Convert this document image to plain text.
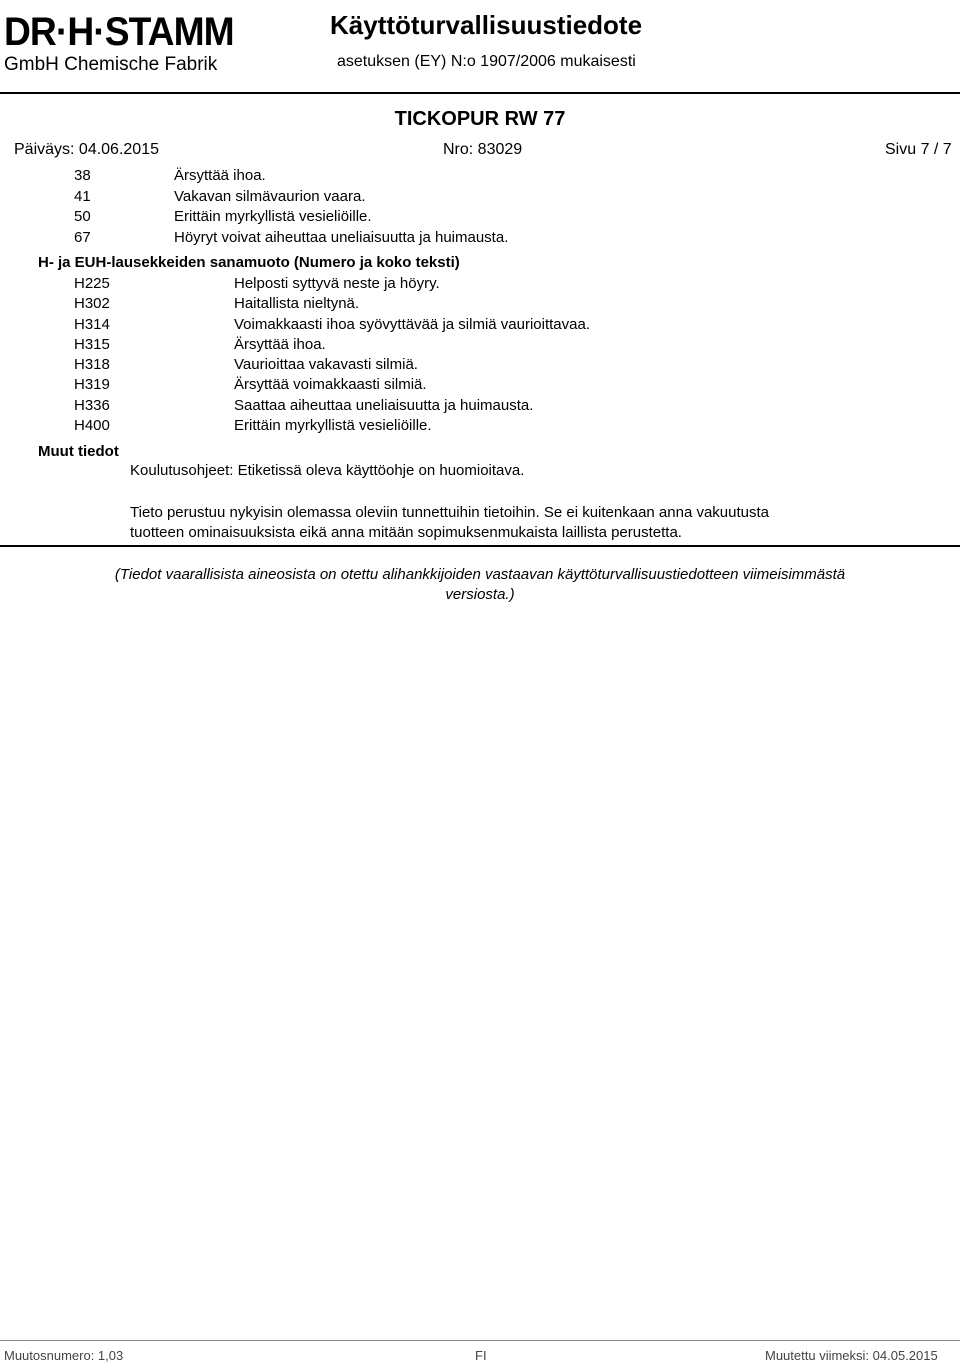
DR·H·STAMM
GmbH Chemische Fabrik
Käyttöturvallisuustiedote
asetuksen (EY) N:o 1907/2006 mukaisesti
TICKOPUR RW 77
Päiväys: 04.06.2015	Nro: 83029	Sivu 7 / 7
38	Ärsyttää ihoa.
41	Vakavan silmävaurion vaara.
50	Erittäin myrkyllistä vesieliöille.
67	Höyryt voivat aiheuttaa uneliaisuutta ja huimausta.
H- ja EUH-lausekkeiden sanamuoto (Numero ja koko teksti)
H225	Helposti syttyvä neste ja höyry.
H302	Haitallista nieltynä.
H314	Voimakkaasti ihoa syövyttävää ja silmiä vaurioittavaa.
H315	Ärsyttää ihoa.
H318	Vaurioittaa vakavasti silmiä.
H319	Ärsyttää voimakkaasti silmiä.
H336	Saattaa aiheuttaa uneliaisuutta ja huimausta.
H400	Erittäin myrkyllistä vesieliöille.
Muut tiedot
Koulutusohjeet: Etiketissä oleva käyttöohje on huomioitava.
Tieto perustuu nykyisin olemassa oleviin tunnettuihin tietoihin. Se ei kuitenkaan anna vakuutusta
tuotteen ominaisuuksista eikä anna mitään sopimuksenmukaista laillista perustetta.
(Tiedot vaarallisista aineosista on otettu alihankkijoiden vastaavan käyttöturvallisuustiedotteen viimeisimmästä
versiosta.)
Muutosnumero: 1,03	FI	Muutettu viimeksi: 04.05.2015
